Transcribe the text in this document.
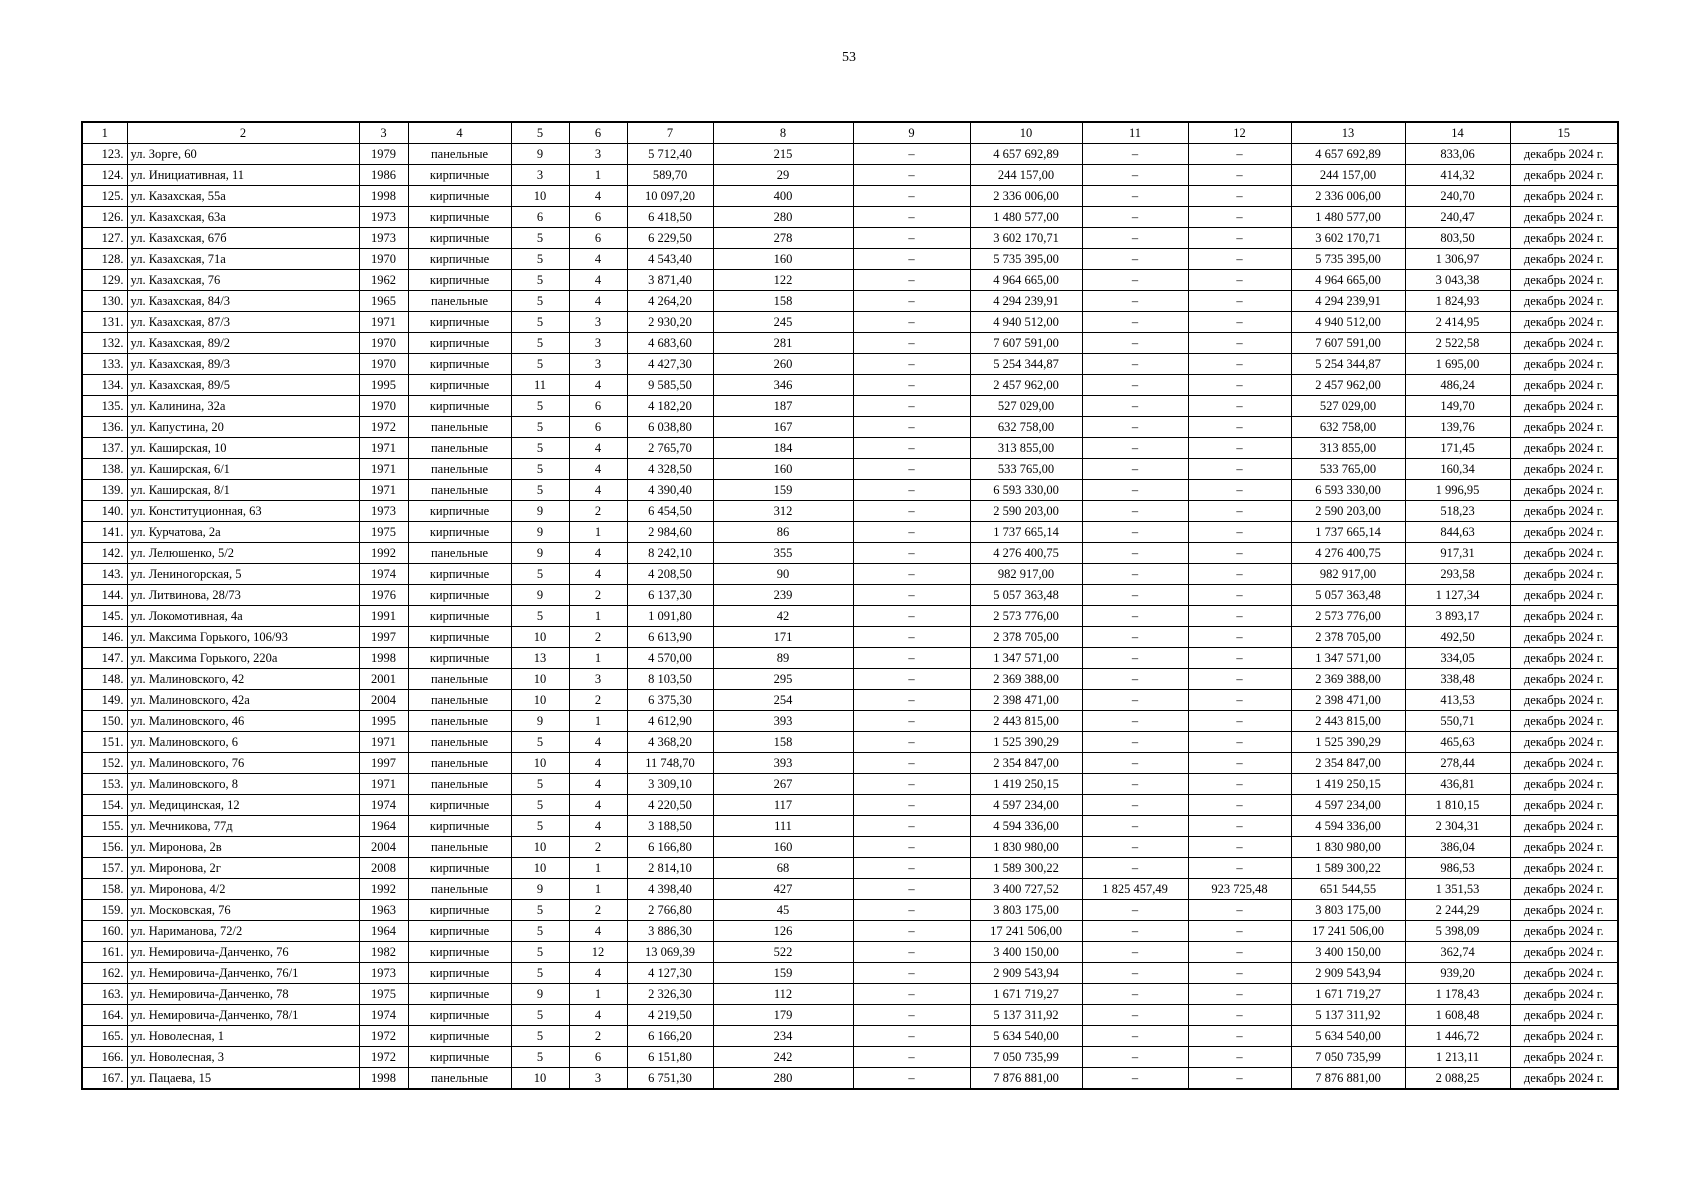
53
1	2	3	4	5	6	7	8	9	10	11	12	13	14	15
123.	ул. Зорге, 60	1979	панельные	9	3	5 712,40	215	–	4 657 692,89	–	–	4 657 692,89	833,06	декабрь 2024 г.
124.	ул. Инициативная, 11	1986	кирпичные	3	1	589,70	29	–	244 157,00	–	–	244 157,00	414,32	декабрь 2024 г.
125.	ул. Казахская, 55а	1998	кирпичные	10	4	10 097,20	400	–	2 336 006,00	–	–	2 336 006,00	240,70	декабрь 2024 г.
126.	ул. Казахская, 63а	1973	кирпичные	6	6	6 418,50	280	–	1 480 577,00	–	–	1 480 577,00	240,47	декабрь 2024 г.
127.	ул. Казахская, 67б	1973	кирпичные	5	6	6 229,50	278	–	3 602 170,71	–	–	3 602 170,71	803,50	декабрь 2024 г.
128.	ул. Казахская, 71а	1970	кирпичные	5	4	4 543,40	160	–	5 735 395,00	–	–	5 735 395,00	1 306,97	декабрь 2024 г.
129.	ул. Казахская, 76	1962	кирпичные	5	4	3 871,40	122	–	4 964 665,00	–	–	4 964 665,00	3 043,38	декабрь 2024 г.
130.	ул. Казахская, 84/3	1965	панельные	5	4	4 264,20	158	–	4 294 239,91	–	–	4 294 239,91	1 824,93	декабрь 2024 г.
131.	ул. Казахская, 87/3	1971	кирпичные	5	3	2 930,20	245	–	4 940 512,00	–	–	4 940 512,00	2 414,95	декабрь 2024 г.
132.	ул. Казахская, 89/2	1970	кирпичные	5	3	4 683,60	281	–	7 607 591,00	–	–	7 607 591,00	2 522,58	декабрь 2024 г.
133.	ул. Казахская, 89/3	1970	кирпичные	5	3	4 427,30	260	–	5 254 344,87	–	–	5 254 344,87	1 695,00	декабрь 2024 г.
134.	ул. Казахская, 89/5	1995	кирпичные	11	4	9 585,50	346	–	2 457 962,00	–	–	2 457 962,00	486,24	декабрь 2024 г.
135.	ул. Калинина, 32а	1970	кирпичные	5	6	4 182,20	187	–	527 029,00	–	–	527 029,00	149,70	декабрь 2024 г.
136.	ул. Капустина, 20	1972	панельные	5	6	6 038,80	167	–	632 758,00	–	–	632 758,00	139,76	декабрь 2024 г.
137.	ул. Каширская, 10	1971	панельные	5	4	2 765,70	184	–	313 855,00	–	–	313 855,00	171,45	декабрь 2024 г.
138.	ул. Каширская, 6/1	1971	панельные	5	4	4 328,50	160	–	533 765,00	–	–	533 765,00	160,34	декабрь 2024 г.
139.	ул. Каширская, 8/1	1971	панельные	5	4	4 390,40	159	–	6 593 330,00	–	–	6 593 330,00	1 996,95	декабрь 2024 г.
140.	ул. Конституционная, 63	1973	кирпичные	9	2	6 454,50	312	–	2 590 203,00	–	–	2 590 203,00	518,23	декабрь 2024 г.
141.	ул. Курчатова, 2а	1975	кирпичные	9	1	2 984,60	86	–	1 737 665,14	–	–	1 737 665,14	844,63	декабрь 2024 г.
142.	ул. Лелюшенко, 5/2	1992	панельные	9	4	8 242,10	355	–	4 276 400,75	–	–	4 276 400,75	917,31	декабрь 2024 г.
143.	ул. Лениногорская, 5	1974	кирпичные	5	4	4 208,50	90	–	982 917,00	–	–	982 917,00	293,58	декабрь 2024 г.
144.	ул. Литвинова, 28/73	1976	кирпичные	9	2	6 137,30	239	–	5 057 363,48	–	–	5 057 363,48	1 127,34	декабрь 2024 г.
145.	ул. Локомотивная, 4а	1991	кирпичные	5	1	1 091,80	42	–	2 573 776,00	–	–	2 573 776,00	3 893,17	декабрь 2024 г.
146.	ул. Максима Горького, 106/93	1997	кирпичные	10	2	6 613,90	171	–	2 378 705,00	–	–	2 378 705,00	492,50	декабрь 2024 г.
147.	ул. Максима Горького, 220а	1998	кирпичные	13	1	4 570,00	89	–	1 347 571,00	–	–	1 347 571,00	334,05	декабрь 2024 г.
148.	ул. Малиновского, 42	2001	панельные	10	3	8 103,50	295	–	2 369 388,00	–	–	2 369 388,00	338,48	декабрь 2024 г.
149.	ул. Малиновского, 42а	2004	панельные	10	2	6 375,30	254	–	2 398 471,00	–	–	2 398 471,00	413,53	декабрь 2024 г.
150.	ул. Малиновского, 46	1995	панельные	9	1	4 612,90	393	–	2 443 815,00	–	–	2 443 815,00	550,71	декабрь 2024 г.
151.	ул. Малиновского, 6	1971	панельные	5	4	4 368,20	158	–	1 525 390,29	–	–	1 525 390,29	465,63	декабрь 2024 г.
152.	ул. Малиновского, 76	1997	панельные	10	4	11 748,70	393	–	2 354 847,00	–	–	2 354 847,00	278,44	декабрь 2024 г.
153.	ул. Малиновского, 8	1971	панельные	5	4	3 309,10	267	–	1 419 250,15	–	–	1 419 250,15	436,81	декабрь 2024 г.
154.	ул. Медицинская, 12	1974	кирпичные	5	4	4 220,50	117	–	4 597 234,00	–	–	4 597 234,00	1 810,15	декабрь 2024 г.
155.	ул. Мечникова, 77д	1964	кирпичные	5	4	3 188,50	111	–	4 594 336,00	–	–	4 594 336,00	2 304,31	декабрь 2024 г.
156.	ул. Миронова, 2в	2004	панельные	10	2	6 166,80	160	–	1 830 980,00	–	–	1 830 980,00	386,04	декабрь 2024 г.
157.	ул. Миронова, 2г	2008	кирпичные	10	1	2 814,10	68	–	1 589 300,22	–	–	1 589 300,22	986,53	декабрь 2024 г.
158.	ул. Миронова, 4/2	1992	панельные	9	1	4 398,40	427	–	3 400 727,52	1 825 457,49	923 725,48	651 544,55	1 351,53	декабрь 2024 г.
159.	ул. Московская, 76	1963	кирпичные	5	2	2 766,80	45	–	3 803 175,00	–	–	3 803 175,00	2 244,29	декабрь 2024 г.
160.	ул. Нариманова, 72/2	1964	кирпичные	5	4	3 886,30	126	–	17 241 506,00	–	–	17 241 506,00	5 398,09	декабрь 2024 г.
161.	ул. Немировича-Данченко, 76	1982	кирпичные	5	12	13 069,39	522	–	3 400 150,00	–	–	3 400 150,00	362,74	декабрь 2024 г.
162.	ул. Немировича-Данченко, 76/1	1973	кирпичные	5	4	4 127,30	159	–	2 909 543,94	–	–	2 909 543,94	939,20	декабрь 2024 г.
163.	ул. Немировича-Данченко, 78	1975	кирпичные	9	1	2 326,30	112	–	1 671 719,27	–	–	1 671 719,27	1 178,43	декабрь 2024 г.
164.	ул. Немировича-Данченко, 78/1	1974	кирпичные	5	4	4 219,50	179	–	5 137 311,92	–	–	5 137 311,92	1 608,48	декабрь 2024 г.
165.	ул. Новолесная, 1	1972	кирпичные	5	2	6 166,20	234	–	5 634 540,00	–	–	5 634 540,00	1 446,72	декабрь 2024 г.
166.	ул. Новолесная, 3	1972	кирпичные	5	6	6 151,80	242	–	7 050 735,99	–	–	7 050 735,99	1 213,11	декабрь 2024 г.
167.	ул. Пацаева, 15	1998	панельные	10	3	6 751,30	280	–	7 876 881,00	–	–	7 876 881,00	2 088,25	декабрь 2024 г.
